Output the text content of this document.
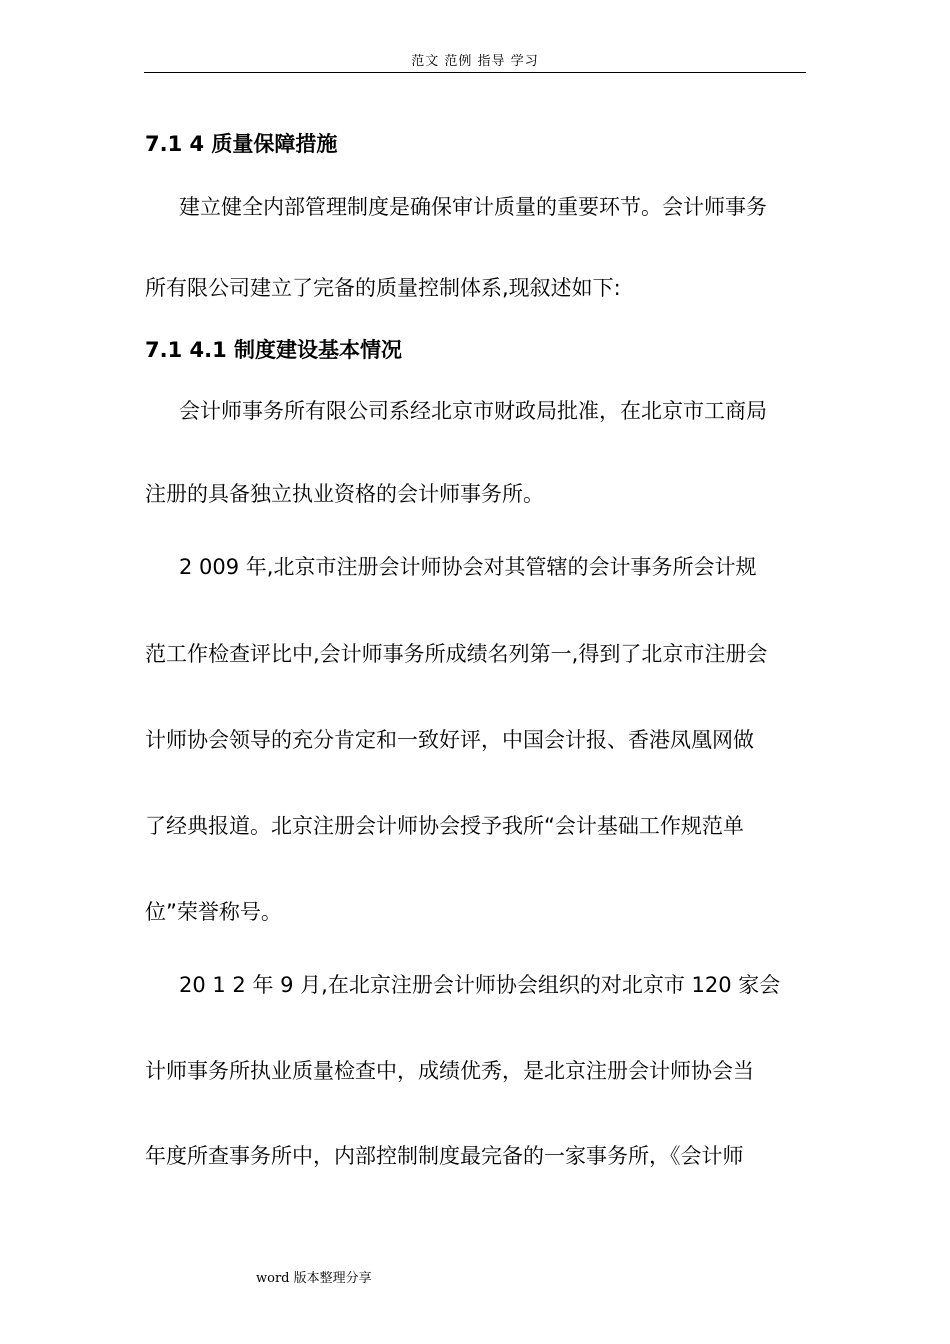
范文 范例 指导 学习
7.1 4 质量保障措施
建立健全内部管理制度是确保审计质量的重要环节。会计师事务
所有限公司建立了完备的质量控制体系,现叙述如下:
7.1 4.1 制度建设基本情况
会计师事务所有限公司系经北京市财政局批准，在北京市工商局
注册的具备独立执业资格的会计师事务所。
2 009 年,北京市注册会计师协会对其管辖的会计事务所会计规
范工作检查评比中,会计师事务所成绩名列第一,得到了北京市注册会
计师协会领导的充分肯定和一致好评，中国会计报、香港凤凰网做
了经典报道。北京注册会计师协会授予我所“会计基础工作规范单
位”荣誉称号。
20 1 2 年 9 月,在北京注册会计师协会组织的对北京市 120 家会
计师事务所执业质量检查中，成绩优秀，是北京注册会计师协会当
年度所查事务所中，内部控制制度最完备的一家事务所，《会计师
word 版本整理分享
